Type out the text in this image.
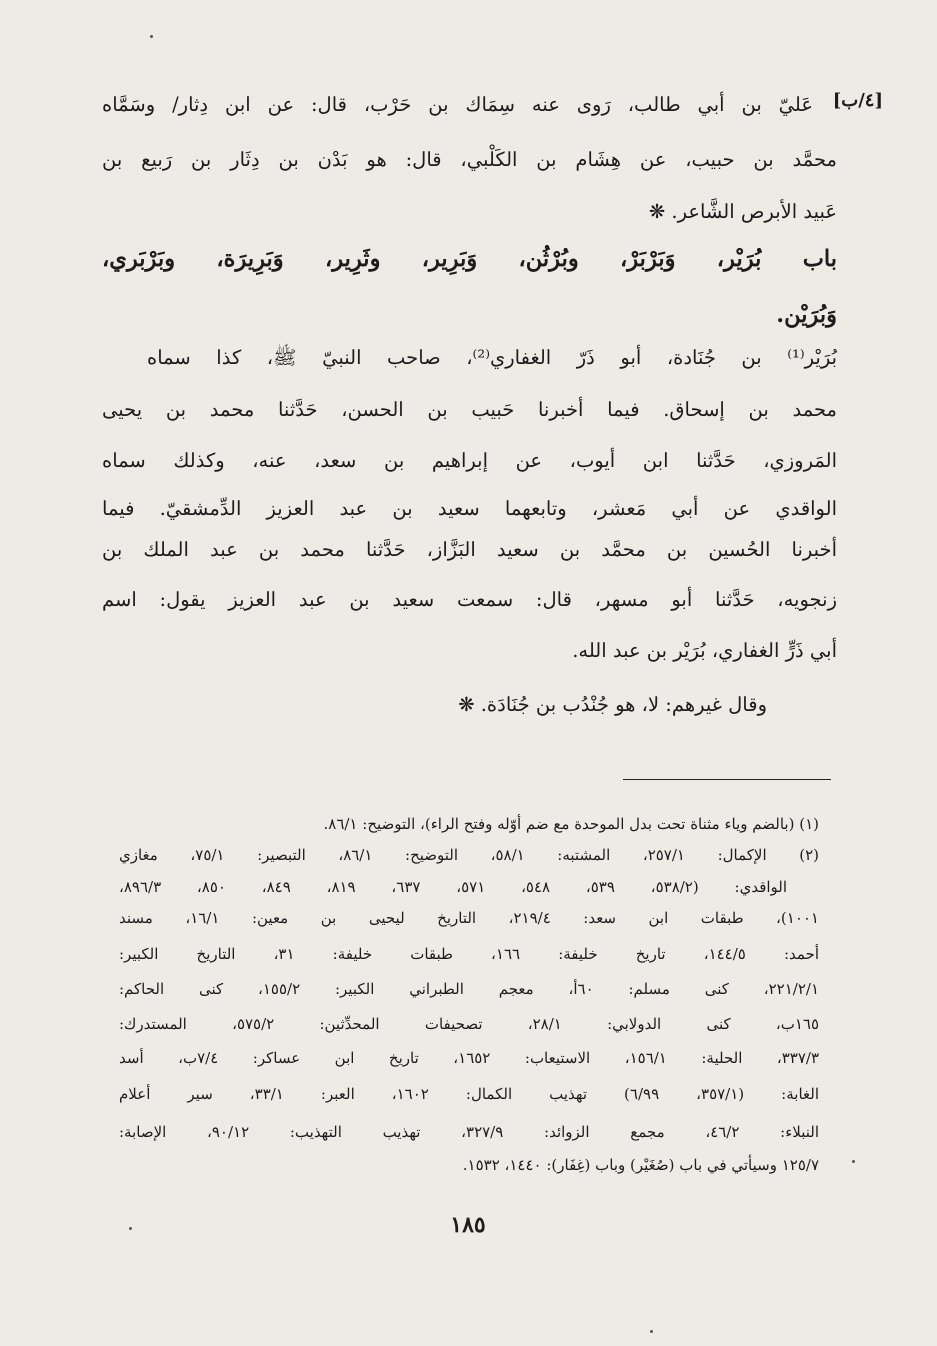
عَليّ بن أبي طالب، رَوى عنه سِمَاك بن حَرْب، قال: عن ابن دِثار/ وسَمَّاه	[٤/ب]
محمَّد بن حبيب، عن هِشَام بن الكَلْبي، قال: هو بَدْن بن دِثَار بن رَبيع بن
عَبيد الأبرص الشَّاعر. ❋
باب بُرَيْر، وَبَرْبَرْ، وبُرْثُن، وَبَرِير، وثَرِير، وَبَرِيرَة، وبَرْبَري،
وَبُرَيْن.
بُرَيْر⁽¹⁾ بن جُنَادة، أبو ذَرّ الغفاري⁽²⁾، صاحب النبيّ ﷺ، كذا سماه
محمد بن إسحاق. فيما أخبرنا حَبيب بن الحسن، حَدَّثنا محمد بن يحيى
المَروزي، حَدَّثنا ابن أيوب، عن إبراهيم بن سعد، عنه، وكذلك سماه
الواقدي عن أبي مَعشر، وتابعهما سعيد بن عبد العزيز الدِّمشقيّ. فيما
أخبرنا الحُسين بن محمَّد بن سعيد البَزَّاز، حَدَّثنا محمد بن عبد الملك بن
زنجويه، حَدَّثنا أبو مسهر، قال: سمعت سعيد بن عبد العزيز يقول: اسم
أبي ذَرٍّ الغفاري، بُرَيْر بن عبد الله.
وقال غيرهم: لا، هو جُنْدُب بن جُنَادَة. ❋
(١) (بالضم وياء مثناة تحت بدل الموحدة مع ضم أوّله وفتح الراء)، التوضيح: ٨٦/١.
(٢) الإكمال: ٢٥٧/١، المشتبه: ٥٨/١، التوضيح: ٨٦/١، التبصير: ٧٥/١، مغازي
الواقدي: (٥٣٨/٢، ٥٣٩، ٥٤٨، ٥٧١، ٦٣٧، ٨١٩، ٨٤٩، ٨٥٠، ٨٩٦/٣،
١٠٠١)، طبقات ابن سعد: ٢١٩/٤، التاريخ ليحيى بن معين: ١٦/١، مسند
أحمد: ١٤٤/٥، تاريخ خليفة: ١٦٦، طبقات خليفة: ٣١، التاريخ الكبير:
٢٢١/٢/١، كنى مسلم: ٦٠أ، معجم الطبراني الكبير: ١٥٥/٢، كنى الحاكم:
١٦٥ب، كنى الدولابي: ٢٨/١، تصحيفات المحدِّثين: ٥٧٥/٢، المستدرك:
٣٣٧/٣، الحلية: ١٥٦/١، الاستيعاب: ١٦٥٢، تاريخ ابن عساكر: ٧/٤ب، أسد
الغابة: (٣٥٧/١، ٦/٩٩) تهذيب الكمال: ١٦٠٢، العبر: ٣٣/١، سير أعلام
النبلاء: ٤٦/٢، مجمع الزوائد: ٣٢٧/٩، تهذيب التهذيب: ٩٠/١٢، الإصابة:
١٢٥/٧ وسيأتي في باب (صُغَيْر) وباب (غِفَار): ١٤٤٠، ١٥٣٢.
١٨٥
